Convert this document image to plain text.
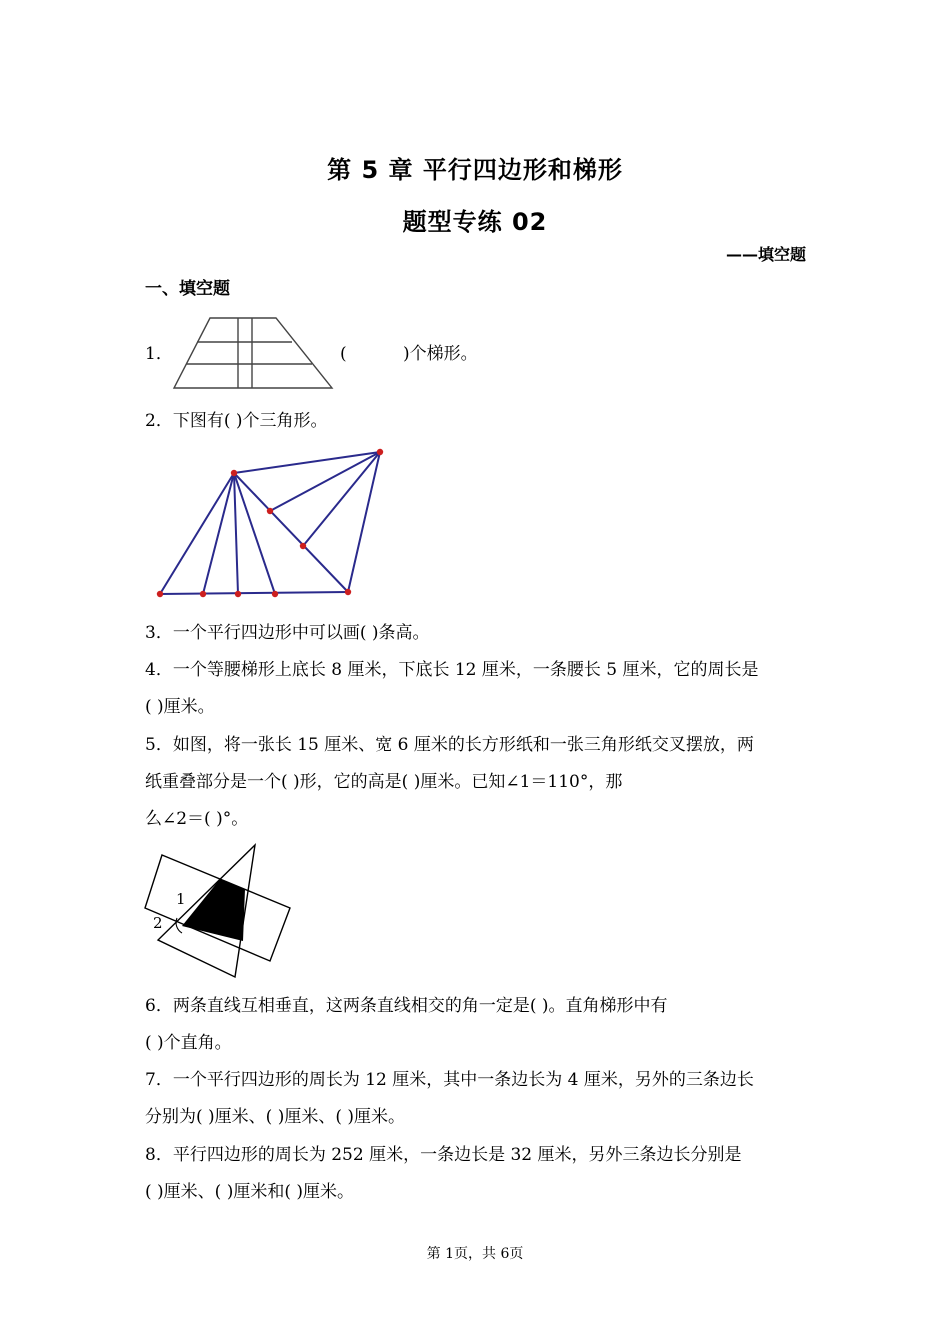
第 5 章 平行四边形和梯形
题型专练 02
——填空题
一、填空题
1．	(	)个梯形。
2．下图有( )个三角形。
3．一个平行四边形中可以画( )条高。
4．一个等腰梯形上底长 8 厘米，下底长 12 厘米，一条腰长 5 厘米，它的周长是
( )厘米。
5．如图，将一张长 15 厘米、宽 6 厘米的长方形纸和一张三角形纸交叉摆放，两
纸重叠部分是一个( )形，它的高是( )厘米。已知∠1＝110°，那
么∠2＝( )°。
1
2
6．两条直线互相垂直，这两条直线相交的角一定是( )。直角梯形中有
( )个直角。
7．一个平行四边形的周长为 12 厘米，其中一条边长为 4 厘米，另外的三条边长
分别为( )厘米、( )厘米、( )厘米。
8．平行四边形的周长为 252 厘米，一条边长是 32 厘米，另外三条边长分别是
( )厘米、( )厘米和( )厘米。
第 1页，共 6页
